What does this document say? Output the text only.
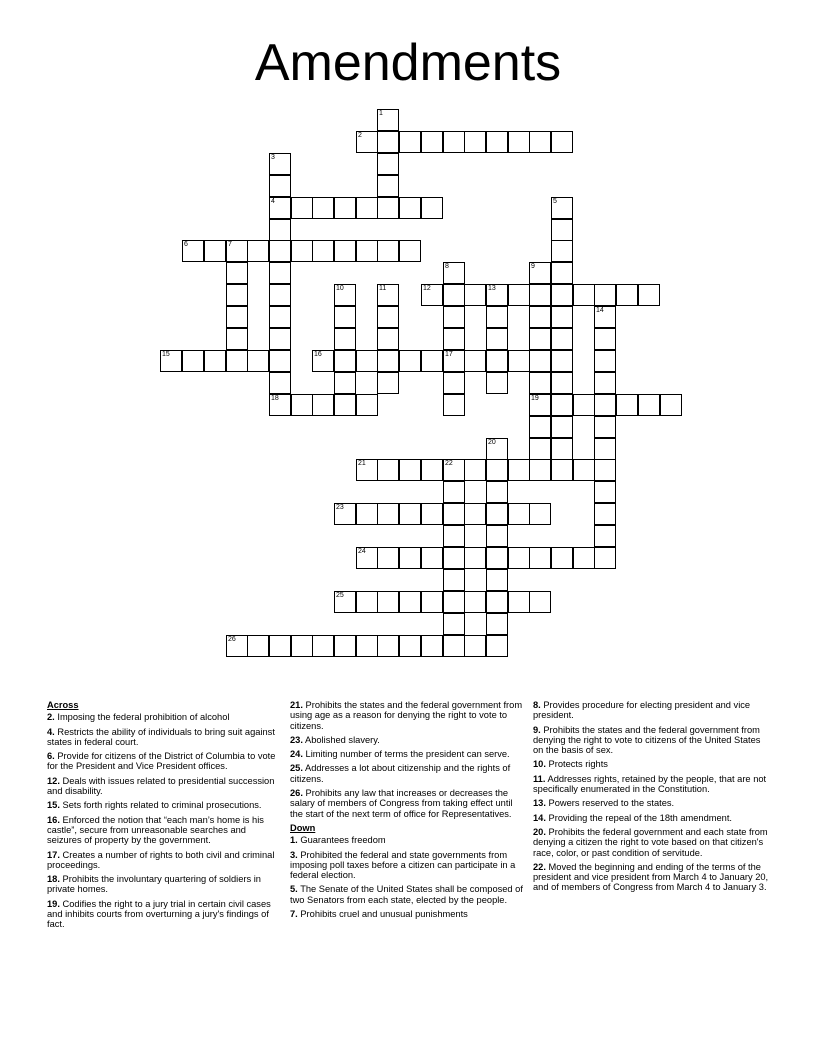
Amendments
1
2
3
4	5
6	7
8
17
9
19
10	11	12	13
14
15	16
18
20
21	22
23
24
25
26
Across
2. Imposing the federal prohibition of alcohol
4. Restricts the ability of individuals to bring suit against states in federal court.
6. Provide for citizens of the District of Columbia to vote for the President and Vice President offices.
12. Deals with issues related to presidential succession and disability.
15. Sets forth rights related to criminal prosecutions.
16. Enforced the notion that “each man’s home is his castle”, secure from unreasonable searches and seizures of property by the government.
17. Creates a number of rights to both civil and criminal proceedings.
18. Prohibits the involuntary quartering of soldiers in private homes.
19. Codifies the right to a jury trial in certain civil cases and inhibits courts from overturning a jury's findings of fact.
21. Prohibits the states and the federal government from using age as a reason for denying the right to vote to citizens.
23. Abolished slavery.
24. Limiting number of terms the president can serve.
25. Addresses a lot about citizenship and the rights of citizens.
26. Prohibits any law that increases or decreases the salary of members of Congress from taking effect until the start of the next term of office for Representatives.
Down
1. Guarantees freedom
3. Prohibited the federal and state governments from imposing poll taxes before a citizen can participate in a federal election.
5. The Senate of the United States shall be composed of two Senators from each state, elected by the people.
7. Prohibits cruel and unusual punishments
8. Provides procedure for electing president and vice president.
9. Prohibits the states and the federal government from denying the right to vote to citizens of the United States on the basis of sex.
10. Protects rights
11. Addresses rights, retained by the people, that are not specifically enumerated in the Constitution.
13. Powers reserved to the states.
14. Providing the repeal of the 18th amendment.
20. Prohibits the federal government and each state from denying a citizen the right to vote based on that citizen's race, color, or past condition of servitude.
22. Moved the beginning and ending of the terms of the president and vice president from March 4 to January 20, and of members of Congress from March 4 to January 3.
